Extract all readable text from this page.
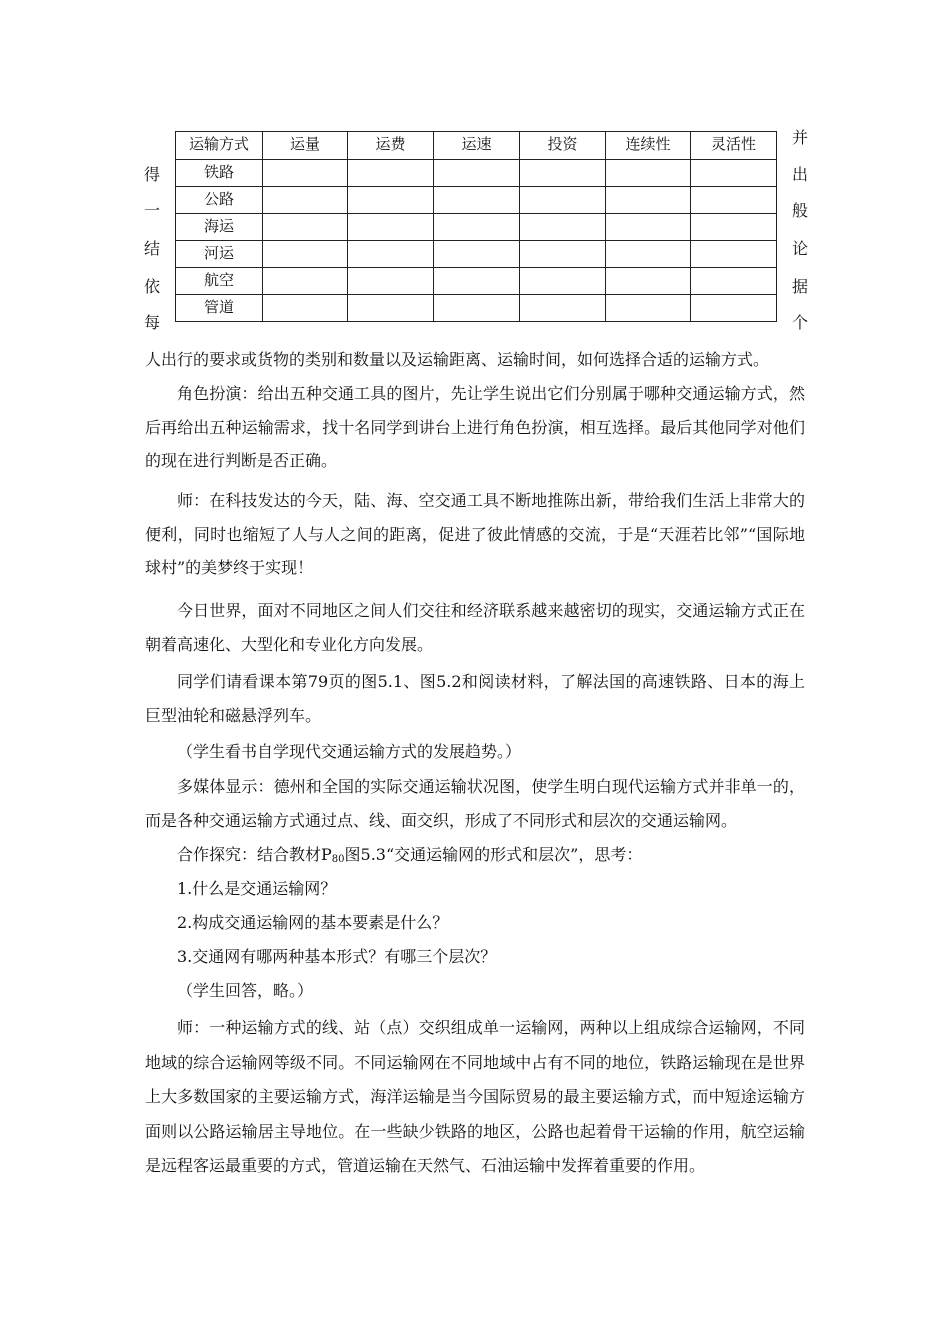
得
一
结
依
每
并
出
般
论
据
个
运输方式	运量	运费	运速	投资	连续性	灵活性
铁路						
公路						
海运						
河运						
航空						
管道						

人出行的要求或货物的类别和数量以及运输距离、运输时间，如何选择合适的运输方式。

角色扮演：给出五种交通工具的图片，先让学生说出它们分别属于哪种交通运输方式，然后再给出五种运输需求，找十名同学到讲台上进行角色扮演，相互选择。最后其他同学对他们的现在进行判断是否正确。

师：在科技发达的今天，陆、海、空交通工具不断地推陈出新，带给我们生活上非常大的便利，同时也缩短了人与人之间的距离，促进了彼此情感的交流，于是“天涯若比邻”“国际地球村”的美梦终于实现！

今日世界，面对不同地区之间人们交往和经济联系越来越密切的现实，交通运输方式正在朝着高速化、大型化和专业化方向发展。

同学们请看课本第79页的图5.1、图5.2和阅读材料，了解法国的高速铁路、日本的海上巨型油轮和磁悬浮列车。

（学生看书自学现代交通运输方式的发展趋势。）

多媒体显示：德州和全国的实际交通运输状况图，使学生明白现代运输方式并非单一的，而是各种交通运输方式通过点、线、面交织，形成了不同形式和层次的交通运输网。

合作探究：结合教材$P_{80}$图5.3“交通运输网的形式和层次”，思考：

1.什么是交通运输网？

2.构成交通运输网的基本要素是什么？

3.交通网有哪两种基本形式？有哪三个层次？

（学生回答，略。）

师：一种运输方式的线、站（点）交织组成单一运输网，两种以上组成综合运输网，不同地域的综合运输网等级不同。不同运输网在不同地域中占有不同的地位，铁路运输现在是世界上大多数国家的主要运输方式，海洋运输是当今国际贸易的最主要运输方式，而中短途运输方面则以公路运输居主导地位。在一些缺少铁路的地区，公路也起着骨干运输的作用，航空运输是远程客运最重要的方式，管道运输在天然气、石油运输中发挥着重要的作用。
